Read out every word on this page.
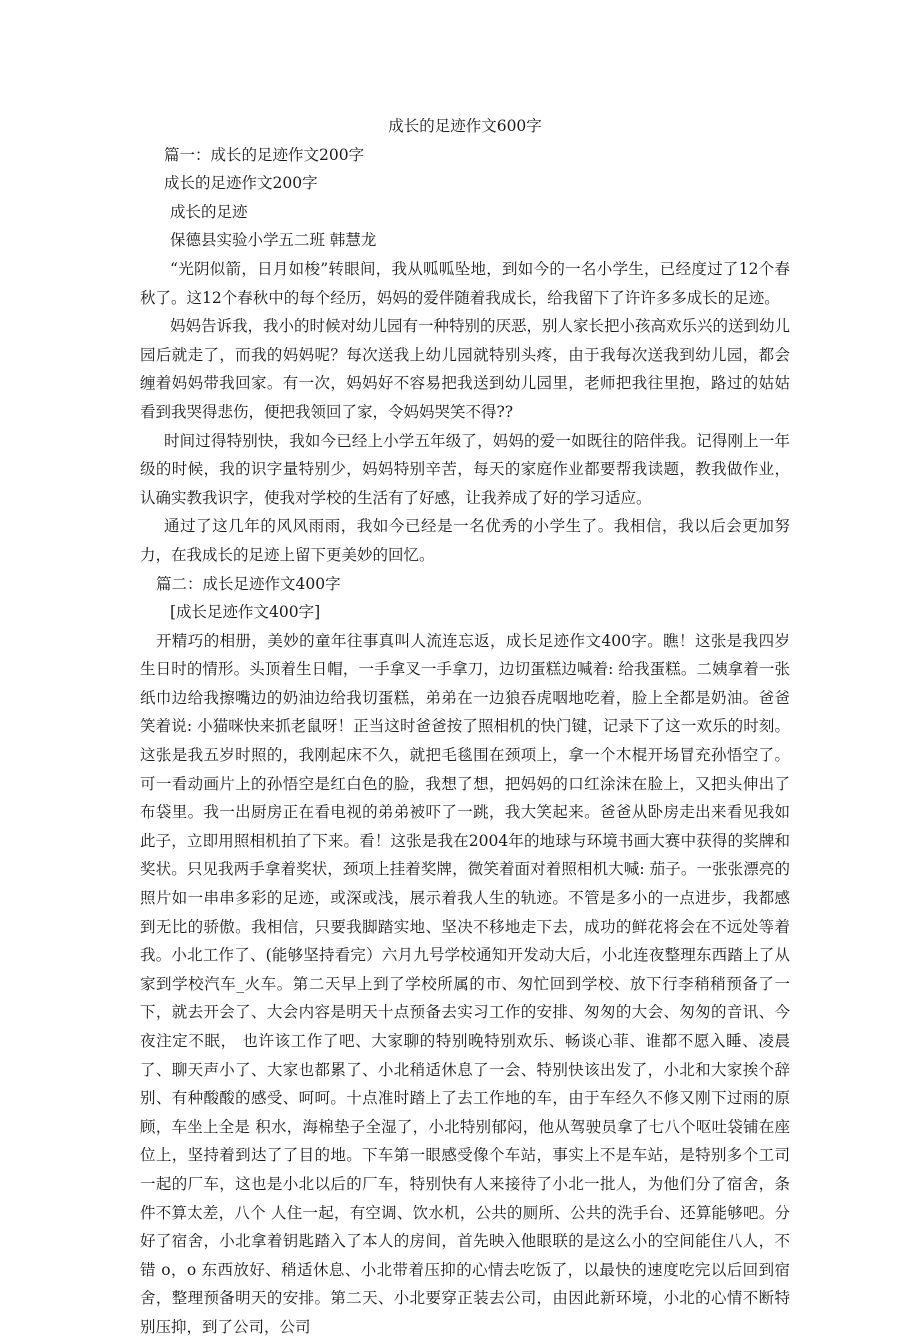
成长的足迹作文600字

篇一：成长的足迹作文200字

成长的足迹作文200字

成长的足迹

保德县实验小学五二班 韩慧龙

“光阴似箭，日月如梭”转眼间，我从呱呱坠地，到如今的一名小学生，已经度过了12个春秋了。这12个春秋中的每个经历，妈妈的爱伴随着我成长，给我留下了许许多多成长的足迹。

妈妈告诉我，我小的时候对幼儿园有一种特别的厌恶，别人家长把小孩高欢乐兴的送到幼儿园后就走了，而我的妈妈呢？每次送我上幼儿园就特别头疼，由于我每次送我到幼儿园，都会缠着妈妈带我回家。有一次，妈妈好不容易把我送到幼儿园里，老师把我往里抱，路过的姑姑看到我哭得悲伤，便把我领回了家，令妈妈哭笑不得??

时间过得特别快，我如今已经上小学五年级了，妈妈的爱一如既往的陪伴我。记得刚上一年级的时候，我的识字量特别少，妈妈特别辛苦，每天的家庭作业都要帮我读题，教我做作业，认确实教我识字，使我对学校的生活有了好感，让我养成了好的学习适应。

通过了这几年的风风雨雨，我如今已经是一名优秀的小学生了。我相信，我以后会更加努力，在我成长的足迹上留下更美妙的回忆。

篇二：成长足迹作文400字

[成长足迹作文400字]

开精巧的相册，美妙的童年往事真叫人流连忘返，成长足迹作文400字。瞧！这张是我四岁生日时的情形。头顶着生日帽，一手拿叉一手拿刀，边切蛋糕边喊着: 给我蛋糕。二姨拿着一张纸巾边给我擦嘴边的奶油边给我切蛋糕，弟弟在一边狼吞虎咽地吃着，脸上全都是奶油。爸爸笑着说: 小猫咪快来抓老鼠呀！正当这时爸爸按了照相机的快门键，记录下了这一欢乐的时刻。这张是我五岁时照的，我刚起床不久，就把毛毯围在颈项上，拿一个木棍开场冒充孙悟空了。可一看动画片上的孙悟空是红白色的脸，我想了想，把妈妈的口红涂沫在脸上，又把头伸出了布袋里。我一出厨房正在看电视的弟弟被吓了一跳，我大笑起来。爸爸从卧房走出来看见我如此子，立即用照相机拍了下来。看！这张是我在2004年的地球与环境书画大赛中获得的奖牌和奖状。只见我两手拿着奖状，颈项上挂着奖牌，微笑着面对着照相机大喊: 茄子。一张张漂亮的照片如一串串多彩的足迹，或深或浅，展示着我人生的轨迹。不管是多小的一点进步，我都感到无比的骄傲。我相信，只要我脚踏实地、坚决不移地走下去，成功的鲜花将会在不远处等着我。小北工作了、(能够坚持看完）六月九号学校通知开发动大后，小北连夜整理东西踏上了从家到学校汽车_火车。第二天早上到了学校所属的市、匆忙回到学校、放下行李稍稍预备了一下，就去开会了、大会内容是明天十点预备去实习工作的安排、匆匆的大会、匆匆的音讯、今夜注定不眠， 也许该工作了吧、大家聊的特别晚特别欢乐、畅谈心菲、谁都不愿入睡、凌晨了、聊天声小了、大家也都累了、小北稍适休息了一会、特别快该出发了，小北和大家挨个辞别、有种酸酸的感受、呵呵。十点准时踏上了去工作地的车，由于车经久不修又刚下过雨的原顾，车坐上全是 积水，海棉垫子全湿了，小北特别郁闷，他从驾驶员拿了七八个呕吐袋铺在座位上，坚持着到达了了目的地。下车第一眼感受像个车站，事实上不是车站，是特别多个工司一起的厂车，这也是小北以后的厂车，特别快有人来接待了小北一批人，为他们分了宿舍，条件不算太差，八个 人住一起，有空调、饮水机，公共的厕所、公共的洗手台、还算能够吧。分好了宿舍，小北拿着钥匙踏入了本人的房间，首先映入他眼联的是这么小的空间能住八人，不错 o，o 东西放好、稍适休息、小北带着压抑的心情去吃饭了，以最快的速度吃完以后回到宿 舍，整理预备明天的安排。第二天、小北要穿正装去公司，由因此新环境，小北的心情不断特别压抑，到了公司，公司
